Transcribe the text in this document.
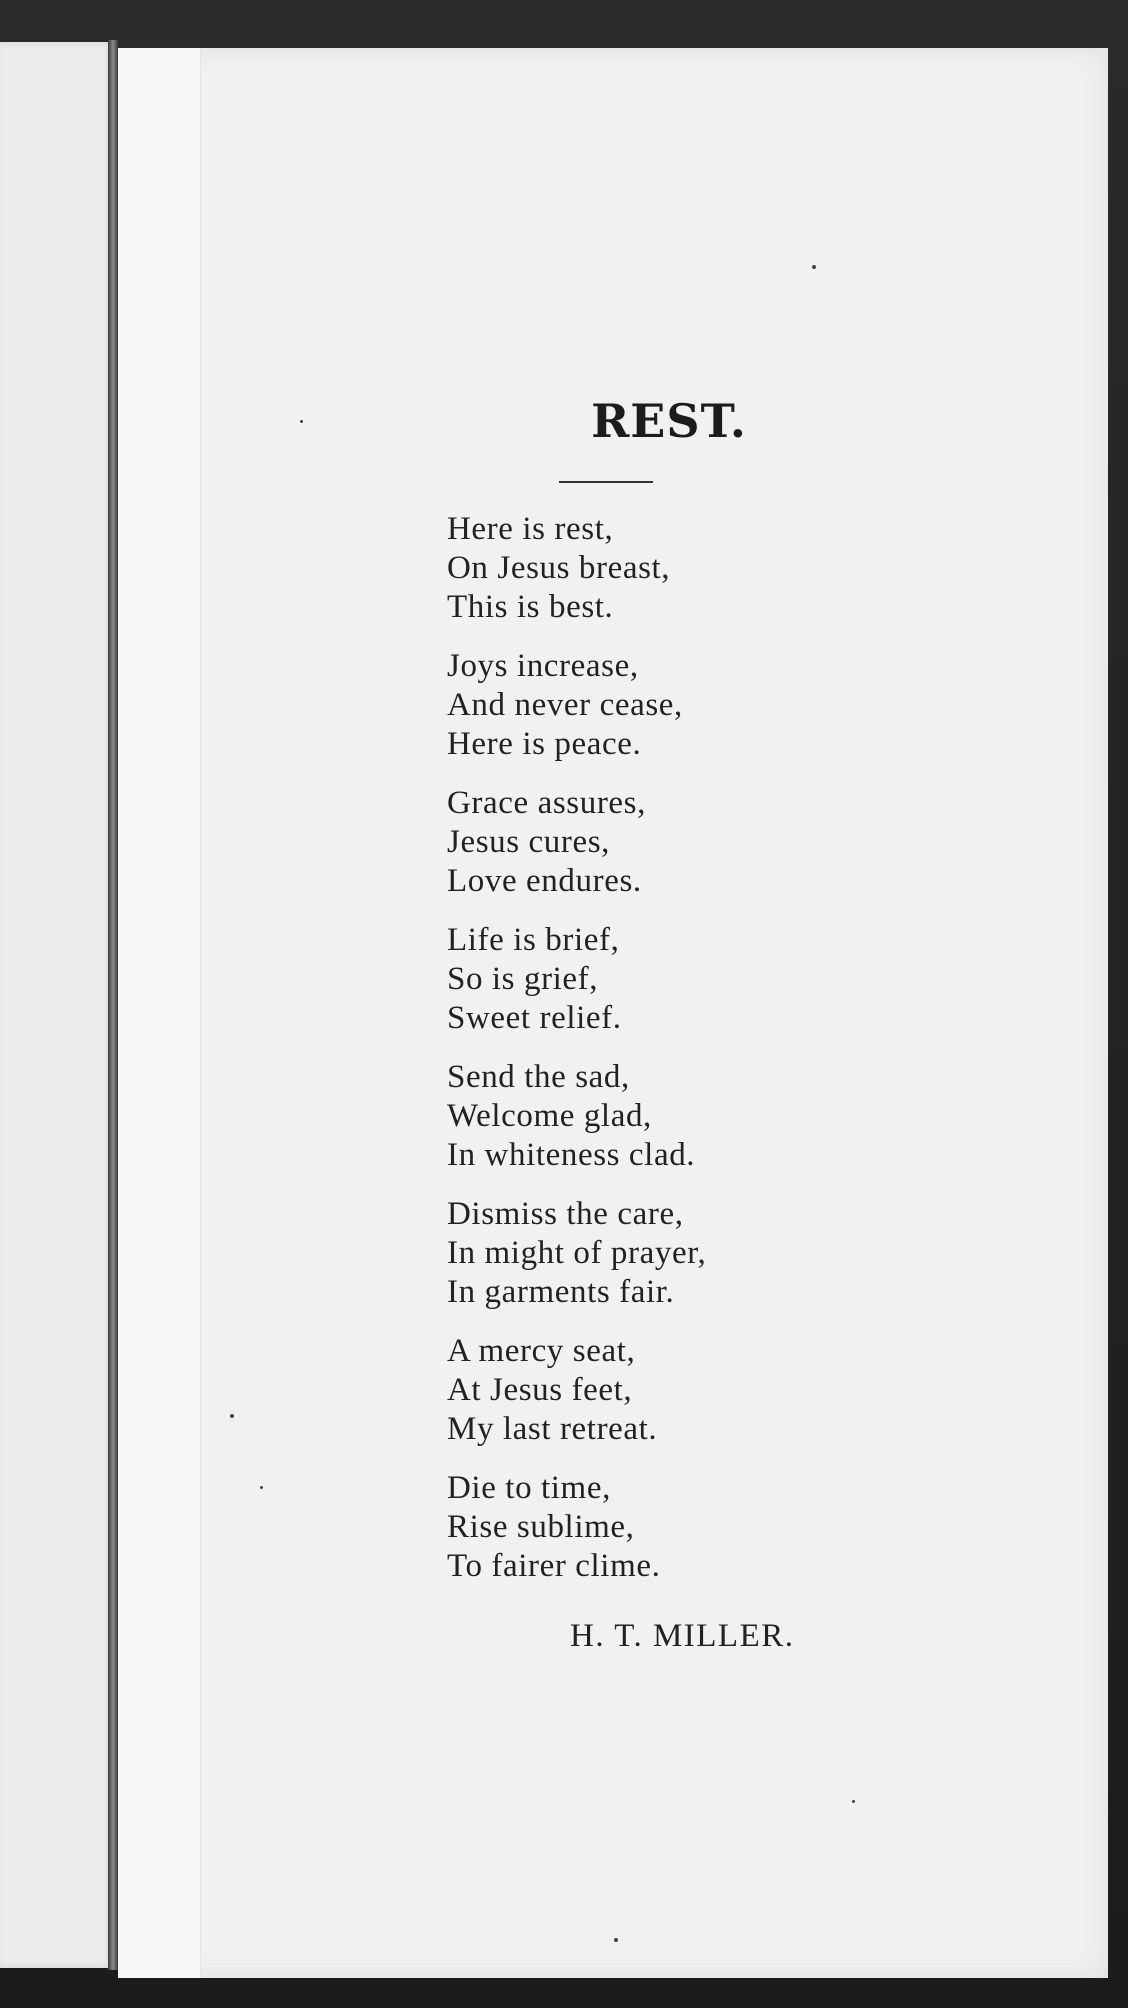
REST.
Here is rest,
On Jesus breast,
This is best.
Joys increase,
And never cease,
Here is peace.
Grace assures,
Jesus cures,
Love endures.
Life is brief,
So is grief,
Sweet relief.
Send the sad,
Welcome glad,
In whiteness clad.
Dismiss the care,
In might of prayer,
In garments fair.
A mercy seat,
At Jesus feet,
My last retreat.
Die to time,
Rise sublime,
To fairer clime.
H. T. MILLER.
